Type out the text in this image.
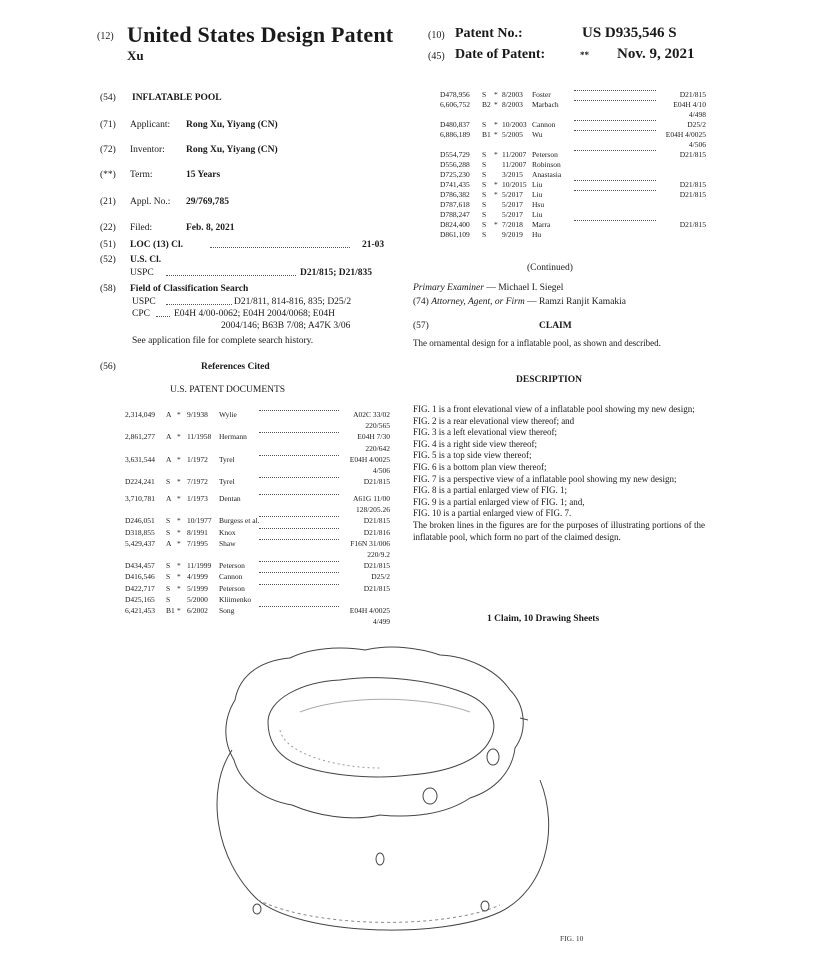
(12) United States Design Patent
Xu
(10) Patent No.:	US D935,546 S
(45) Date of Patent:	** Nov. 9, 2021
(54) INFLATABLE POOL
(71) Applicant: Rong Xu, Yiyang (CN)
(72) Inventor: Rong Xu, Yiyang (CN)
(**) Term:	15 Years
(21) Appl. No.: 29/769,785
(22) Filed:	Feb. 8, 2021
(51) LOC (13) Cl.	21-03
(52) U.S. Cl.
USPC	D21/815; D21/835
(58) Field of Classification Search
USPC	D21/811, 814-816, 835; D25/2
CPC	E04H 4/00-0062; E04H 2004/0068; E04H
2004/146; B63B 7/08; A47K 3/06
See application file for complete search history.
(56)	References Cited
U.S. PATENT DOCUMENTS
2,314,049 A * 9/1938 Wylie	A02C 33/02
220/565
2,861,277 A * 11/1958 Hermann	E04H 7/30
220/642
3,631,544 A * 1/1972 Tyrel	E04H 4/0025
4/506
D224,241 S * 7/1972 Tyrel	D21/815
3,710,781 A * 1/1973 Dentan	A61G 11/00
128/205.26
D246,051 S * 10/1977 Burgess et al.	D21/815
D318,855 S * 8/1991 Knox	D21/816
5,429,437 A * 7/1995 Shaw	F16N 31/006
220/9.2
D434,457 S * 11/1999 Peterson	D21/815
D416,546 S * 4/1999 Cannon	D25/2
D422,717 S * 5/1999 Peterson	D21/815
D425,165 S 5/2000 Kliimenko
6,421,453 B1 * 6/2002 Song	E04H 4/0025
4/499
D478,956 S * 8/2003 Foster	D21/815
6,606,752 B2 * 8/2003 Marbach	E04H 4/10
4/498
D480,837 S * 10/2003 Cannon	D25/2
6,886,189 B1 * 5/2005 Wu	E04H 4/0025
4/506
D554,729 S * 11/2007 Peterson	D21/815
D556,288 S 11/2007 Robinson
D725,230 S 3/2015 Anastasia
D741,435 S * 10/2015 Liu	D21/815
D786,382 S * 5/2017 Liu	D21/815
D787,618 S 5/2017 Hsu
D788,247 S 5/2017 Liu
D824,400 S * 7/2018 Marra	D21/815
D861,109 S 9/2019 Hu
(Continued)
Primary Examiner — Michael I. Siegel
(74) Attorney, Agent, or Firm — Ramzi Ranjit Kamakia
(57)	CLAIM
The ornamental design for a inflatable pool, as shown and described.
DESCRIPTION
FIG. 1 is a front elevational view of a inflatable pool showing my new design;
FIG. 2 is a rear elevational view thereof; and
FIG. 3 is a left elevational view thereof;
FIG. 4 is a right side view thereof;
FIG. 5 is a top side view thereof;
FIG. 6 is a bottom plan view thereof;
FIG. 7 is a perspective view of a inflatable pool showing my new design;
FIG. 8 is a partial enlarged view of FIG. 1;
FIG. 9 is a partial enlarged view of FIG. 1; and,
FIG. 10 is a partial enlarged view of FIG. 7.
The broken lines in the figures are for the purposes of illustrating portions of the inflatable pool, which form no part of the claimed design.
1 Claim, 10 Drawing Sheets
FIG. 10
